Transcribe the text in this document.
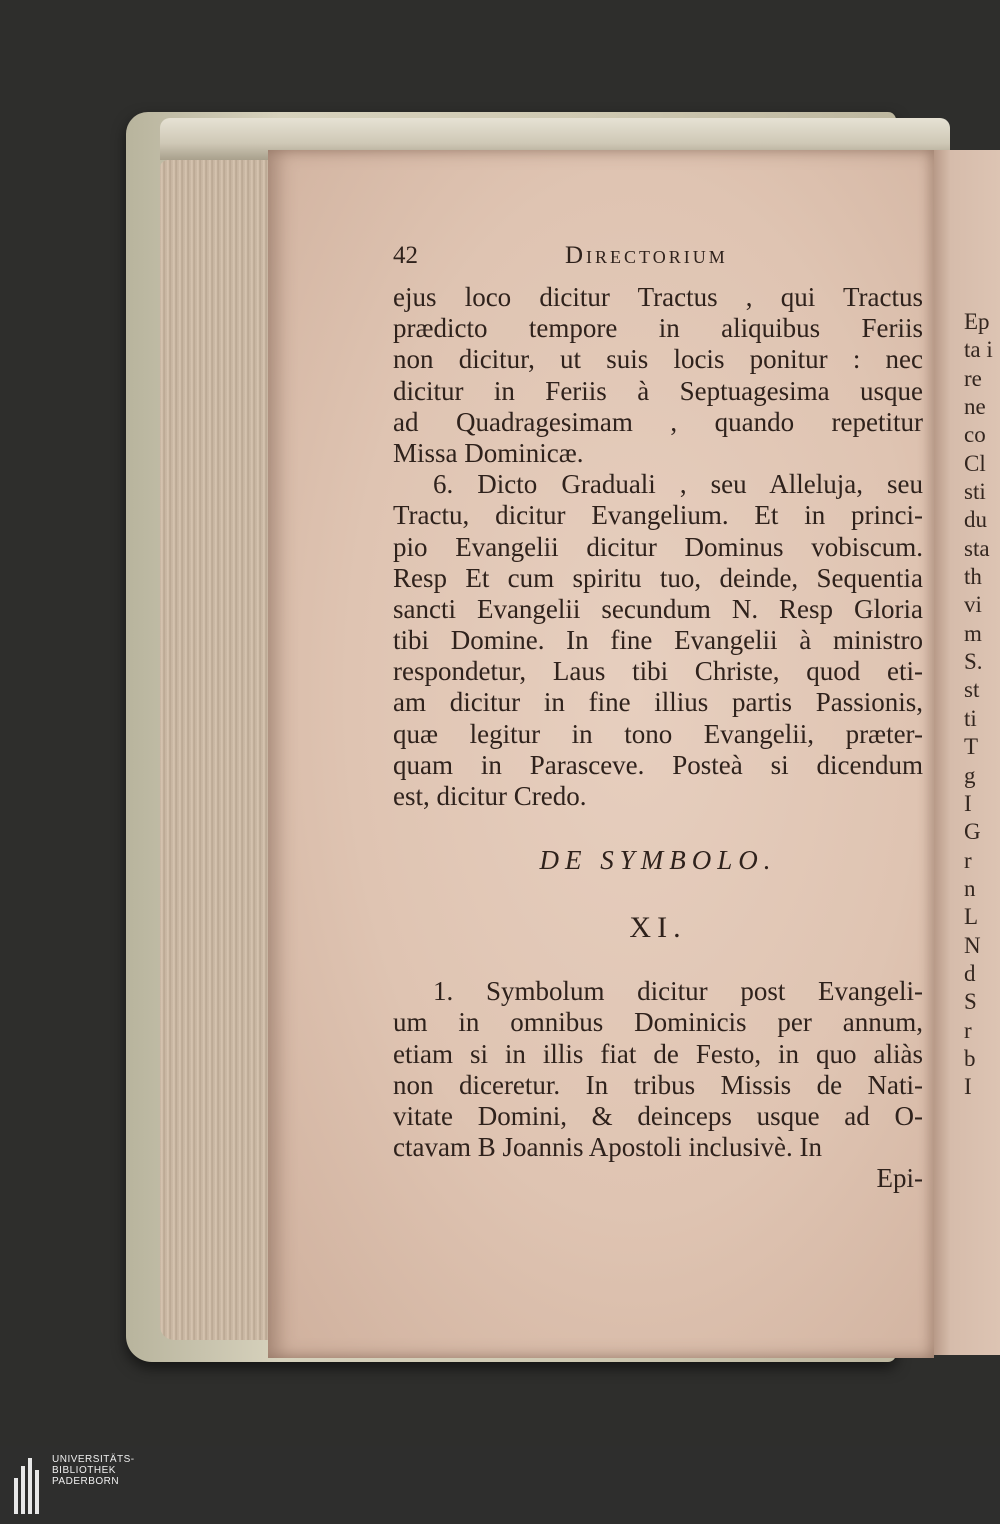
Ep
ta i
re
ne
co
Cl
sti
du
sta
th
vi
m
S.
st
ti
T
g
I
G
r
n
L
N
d
S
r
b
I
42	Directorium
ejus loco dicitur Tractus , qui Tractus
prædicto tempore in aliquibus Feriis
non dicitur, ut suis locis ponitur : nec
dicitur in Feriis à Septuagesima usque
ad Quadragesimam , quando repetitur
Missa Dominicæ.
6. Dicto Graduali , seu Alleluja, seu
Tractu, dicitur Evangelium. Et in princi-
pio Evangelii dicitur Dominus vobiscum.
Resp Et cum spiritu tuo, deinde, Sequentia
sancti Evangelii secundum N. Resp Gloria
tibi Domine. In fine Evangelii à ministro
respondetur, Laus tibi Christe, quod eti-
am dicitur in fine illius partis Passionis,
quæ legitur in tono Evangelii, præter-
quam in Parasceve. Posteà si dicendum
est, dicitur Credo.
DE SYMBOLO.
XI.
1. Symbolum dicitur post Evangeli-
um in omnibus Dominicis per annum,
etiam si in illis fiat de Festo, in quo aliàs
non diceretur. In tribus Missis de Nati-
vitate Domini, & deinceps usque ad O-
ctavam B Joannis Apostoli inclusivè. In
Epi-
UNIVERSITÄTS-
BIBLIOTHEK
PADERBORN
